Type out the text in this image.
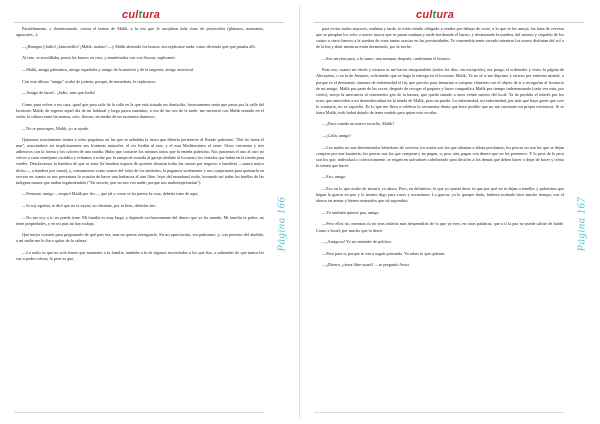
cultura

Paralelamente, y desentonando, contra el bueno de Malik, a la vez que le arrojaban toda clase de proyectiles (plátanos, manzanas, aguacates...):

—¡Renegao!¡Judío! ¡Jamonófilo! ¡Malik, malato! —y Malik abriendo los brazos, sin explicarse nada, como diciendo qué qué pasaba allí.

Al rato, se arrodillaba, ponía los brazos en cruz, y manifestaba con voz llorosa, suplicante:

—Malik, amigo palestinos, amigo españoles y amigo de la morería y de la negrería; amigo universal.

Con este último "amigo" acabó de jodería, porque, de inmediato, le replicaron:

—Amigo de Israel.. ¡Judío, más que Judío!

Como para volver a mi casa, igual que para salir de la calle en la que está situado mi domicilio, forzosamente tenía que pasar por la calle del locutorio Malik, de regreso aquel día de mi habitual y largo paseo matutino, a eso de las tres de la tarde, me encontré con Malik sentado en el suelo, la cabeza entre las manos, solo, lloroso, en medio de un escenario dantesco.

—No te preocupes, Malik; yo te ayudo.

Quitamos exactamente treinta y ocho pegatinas en las que se señalaba la tierra que debería pertenecer al Estado palestino. "Del río hasta el mar", marcándose así implícitamente sus fronteras naturales: el río Jordán al este, y el mar Mediterráneo al oeste. Otros cincuenta y tres adhesivos con la forma y los colores de una sandía. Hubo que contarse los mismos tonos que la enseña palestina. Nos juntamos el uno al otro no volver a catar semejante curtidito y echamos a rodar por la rampa de entrada al garaje aledaño al locutorio los vertidos que había en la tienda para vender. Desclavamos la bandera de que se trata (la bandera espuria de quienes abrazan todas las causas por negocio o bandería —nunca mejor dicho—, a bandera por causa), y, consumimos como somos del valor de los símbolos, la pegamos sosfemente y nos conjuramos para quemarla en secreto en cuanto se nos presentara la ocasión de hacer una barbacoa al aire libre, lejos del mundanal ruido, borrando así todas las huellas de las indignas manos que andan esgrimiéndola ("En secreto, que no nos vea nadie, porque nos malinterpretarían").

—Pensaste, amigo —respiró Malik por fin—, que tal y como se ha puesto la cosa, debería irme de aquí.

—Si soy egoísta, te diré que no te vayas; no obstante, por tu bien, deberías irte.

—No me voy a ir; no puedo irme. Mi familia es muy larga, y depende exclusivamente del dinero que yo les mando. Mi familia es pobre, no tiene propiedades, y en mi país no hay trabajo.

Qué mejor ocasión para preguntarle de qué país era, mas no quería averiguarlo. En mi apreciación, era pakistano, y, con permiso del aludido, a mí nadie me lo iba a quitar de la cabeza.

—Lo malo es que no solo tienes que mantener a tu familia, también a la de algunos necesitados a los que fías, a sabiendas de que nunca les vas a poder cobrar; lo peor es que,

Página 166
cultura

para evitar males mayores, mañana y tarde, te estás viendo obligado a vender por debajo de coste, a lo que se les antoja, las latas de cerveza que se pimplan los ocho o nueve moros que se pasan mañana y tarde bordeando el barrio, y destestando la madera, del asiento y respaldo de los cuatro o cinco bancos a la sombra de otras tantas acacias en las proximidades. Te convendría tener cerrado mientras los moros disfrutan del sol o de la luz y abrir mientras están durmiendo, por la noche.

—Eso serviría para, a lo sumo, una semana; después, cambiarían el horario.

Puas eso, cuanto mi estrés y tristeza se me hacen insoportables (todos los días, sin excepción), me pongo al ordenador y visito la página de Aliexpress, o en la de Amazon, solicitando que se haga la entrega en el locutorio Malik. Ya no sé si me deprimo y estreso por enfermo mental, o porque es el detonante, síntoma de enfermedad el fin, que preciso para lanzarme a comprar chinerías con el objeto de ir a recogerlas al locutorio de mi amigo. Malik por parte de las veces, después de recoger el paquete y hacer compañía a Malik por tiempo indeterminado (cada vez más, por cierto), arrojo la mercancía al contenedor gris de la basura, que queda situado a unos veinte metros del local. Ya he perdido el interés por los actos que anteceden a mi desembocadura en la tienda de Malik, pero no puedo. La enfermedad, mi enfermedad, por más que haya gente que cree lo contrario, no es capricho. Es lo que me lleva a celebrar la ceremonia diaria que hace posible que no me cuestione mi propia existencia. Si se fuera Malik, todo habrá dejado de tener sentido para quien esto escribe.

—¿Para cuándo un nuevo escache, Malik?

—¡Calla, amigo!

—Los malos no son determinados bebedores de cerveza; los malos son los que alientan a falsas proclamas; los peores no son los que se dejan comprar por una baratería; los peores son los que compran y no pagan, u, peor aún, pagan con dinero que no les pertenece. Y lo peor de lo peor son los que, individual o colectivamente, se erigen en salvadores cabeloteado para decirles a los demás qué deben hacer o dejar de hacer y cómo lo tienen que hacer.

—Eso, amigo.

—Eso en lo que acabo de incurrir yo ahora. Pero, en definitiva, lo que yo quería decir es que por qué no te dejan a tenelles y palestinos que hagan la guerra en paz y lo mismo digo para rusos y ucranianos. La guerra, ya lo queque dudo, hubiera acabado hace mucho tiempo, con el ahorro en armas y bienes materiales que tal supondría.

—Yo también quierer paz, amigo.

—Pero ellos no, mientras tú no seas todavía más desprendido de lo que ya eres; en otras palabras, que a ti la paz no puede salirte de balde. Como a Israel, por mucho que la desee.

—¡Amigooo! Yo no entender de política.

—Peor para ti, porque te van a seguir puteando. Ya sabes lo que quieren.

—¿Dinero, ¡tierra libre quizá? —se preguntó Aussi.

Página 167
